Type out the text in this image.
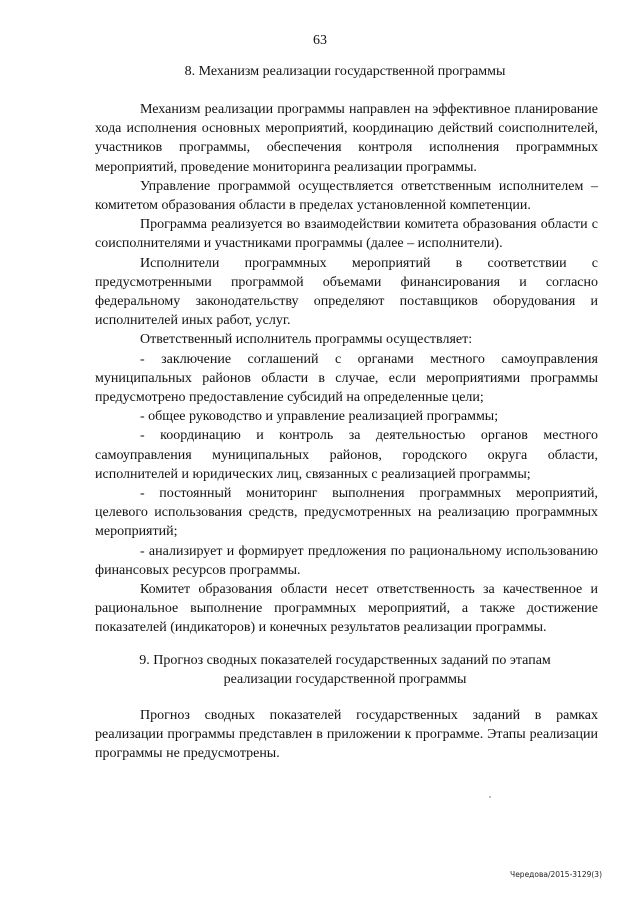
63
8. Механизм реализации государственной программы

Механизм реализации программы направлен на эффективное планирование хода исполнения основных мероприятий, координацию действий соисполнителей, участников программы, обеспечения контроля исполнения программных мероприятий, проведение мониторинга реализации программы.

Управление программой осуществляется ответственным исполнителем – комитетом образования области в пределах установленной компетенции.

Программа реализуется во взаимодействии комитета образования области с соисполнителями и участниками программы (далее – исполнители).

Исполнители программных мероприятий в соответствии с предусмотренными программой объемами финансирования и согласно федеральному законодательству определяют поставщиков оборудования и исполнителей иных работ, услуг.

Ответственный исполнитель программы осуществляет:

- заключение соглашений с органами местного самоуправления муниципальных районов области в случае, если мероприятиями программы предусмотрено предоставление субсидий на определенные цели;

- общее руководство и управление реализацией программы;

- координацию и контроль за деятельностью органов местного самоуправления муниципальных районов, городского округа области, исполнителей и юридических лиц, связанных с реализацией программы;

- постоянный мониторинг выполнения программных мероприятий, целевого использования средств, предусмотренных на реализацию программных мероприятий;

- анализирует и формирует предложения по рациональному использованию финансовых ресурсов программы.

Комитет образования области несет ответственность за качественное и рациональное выполнение программных мероприятий, а также достижение показателей (индикаторов) и конечных результатов реализации программы.

9. Прогноз сводных показателей государственных заданий по этапам
реализации государственной программы

Прогноз сводных показателей государственных заданий в рамках реализации программы представлен в приложении к программе. Этапы реализации программы не предусмотрены.

Чередова/2015-3129(3)
